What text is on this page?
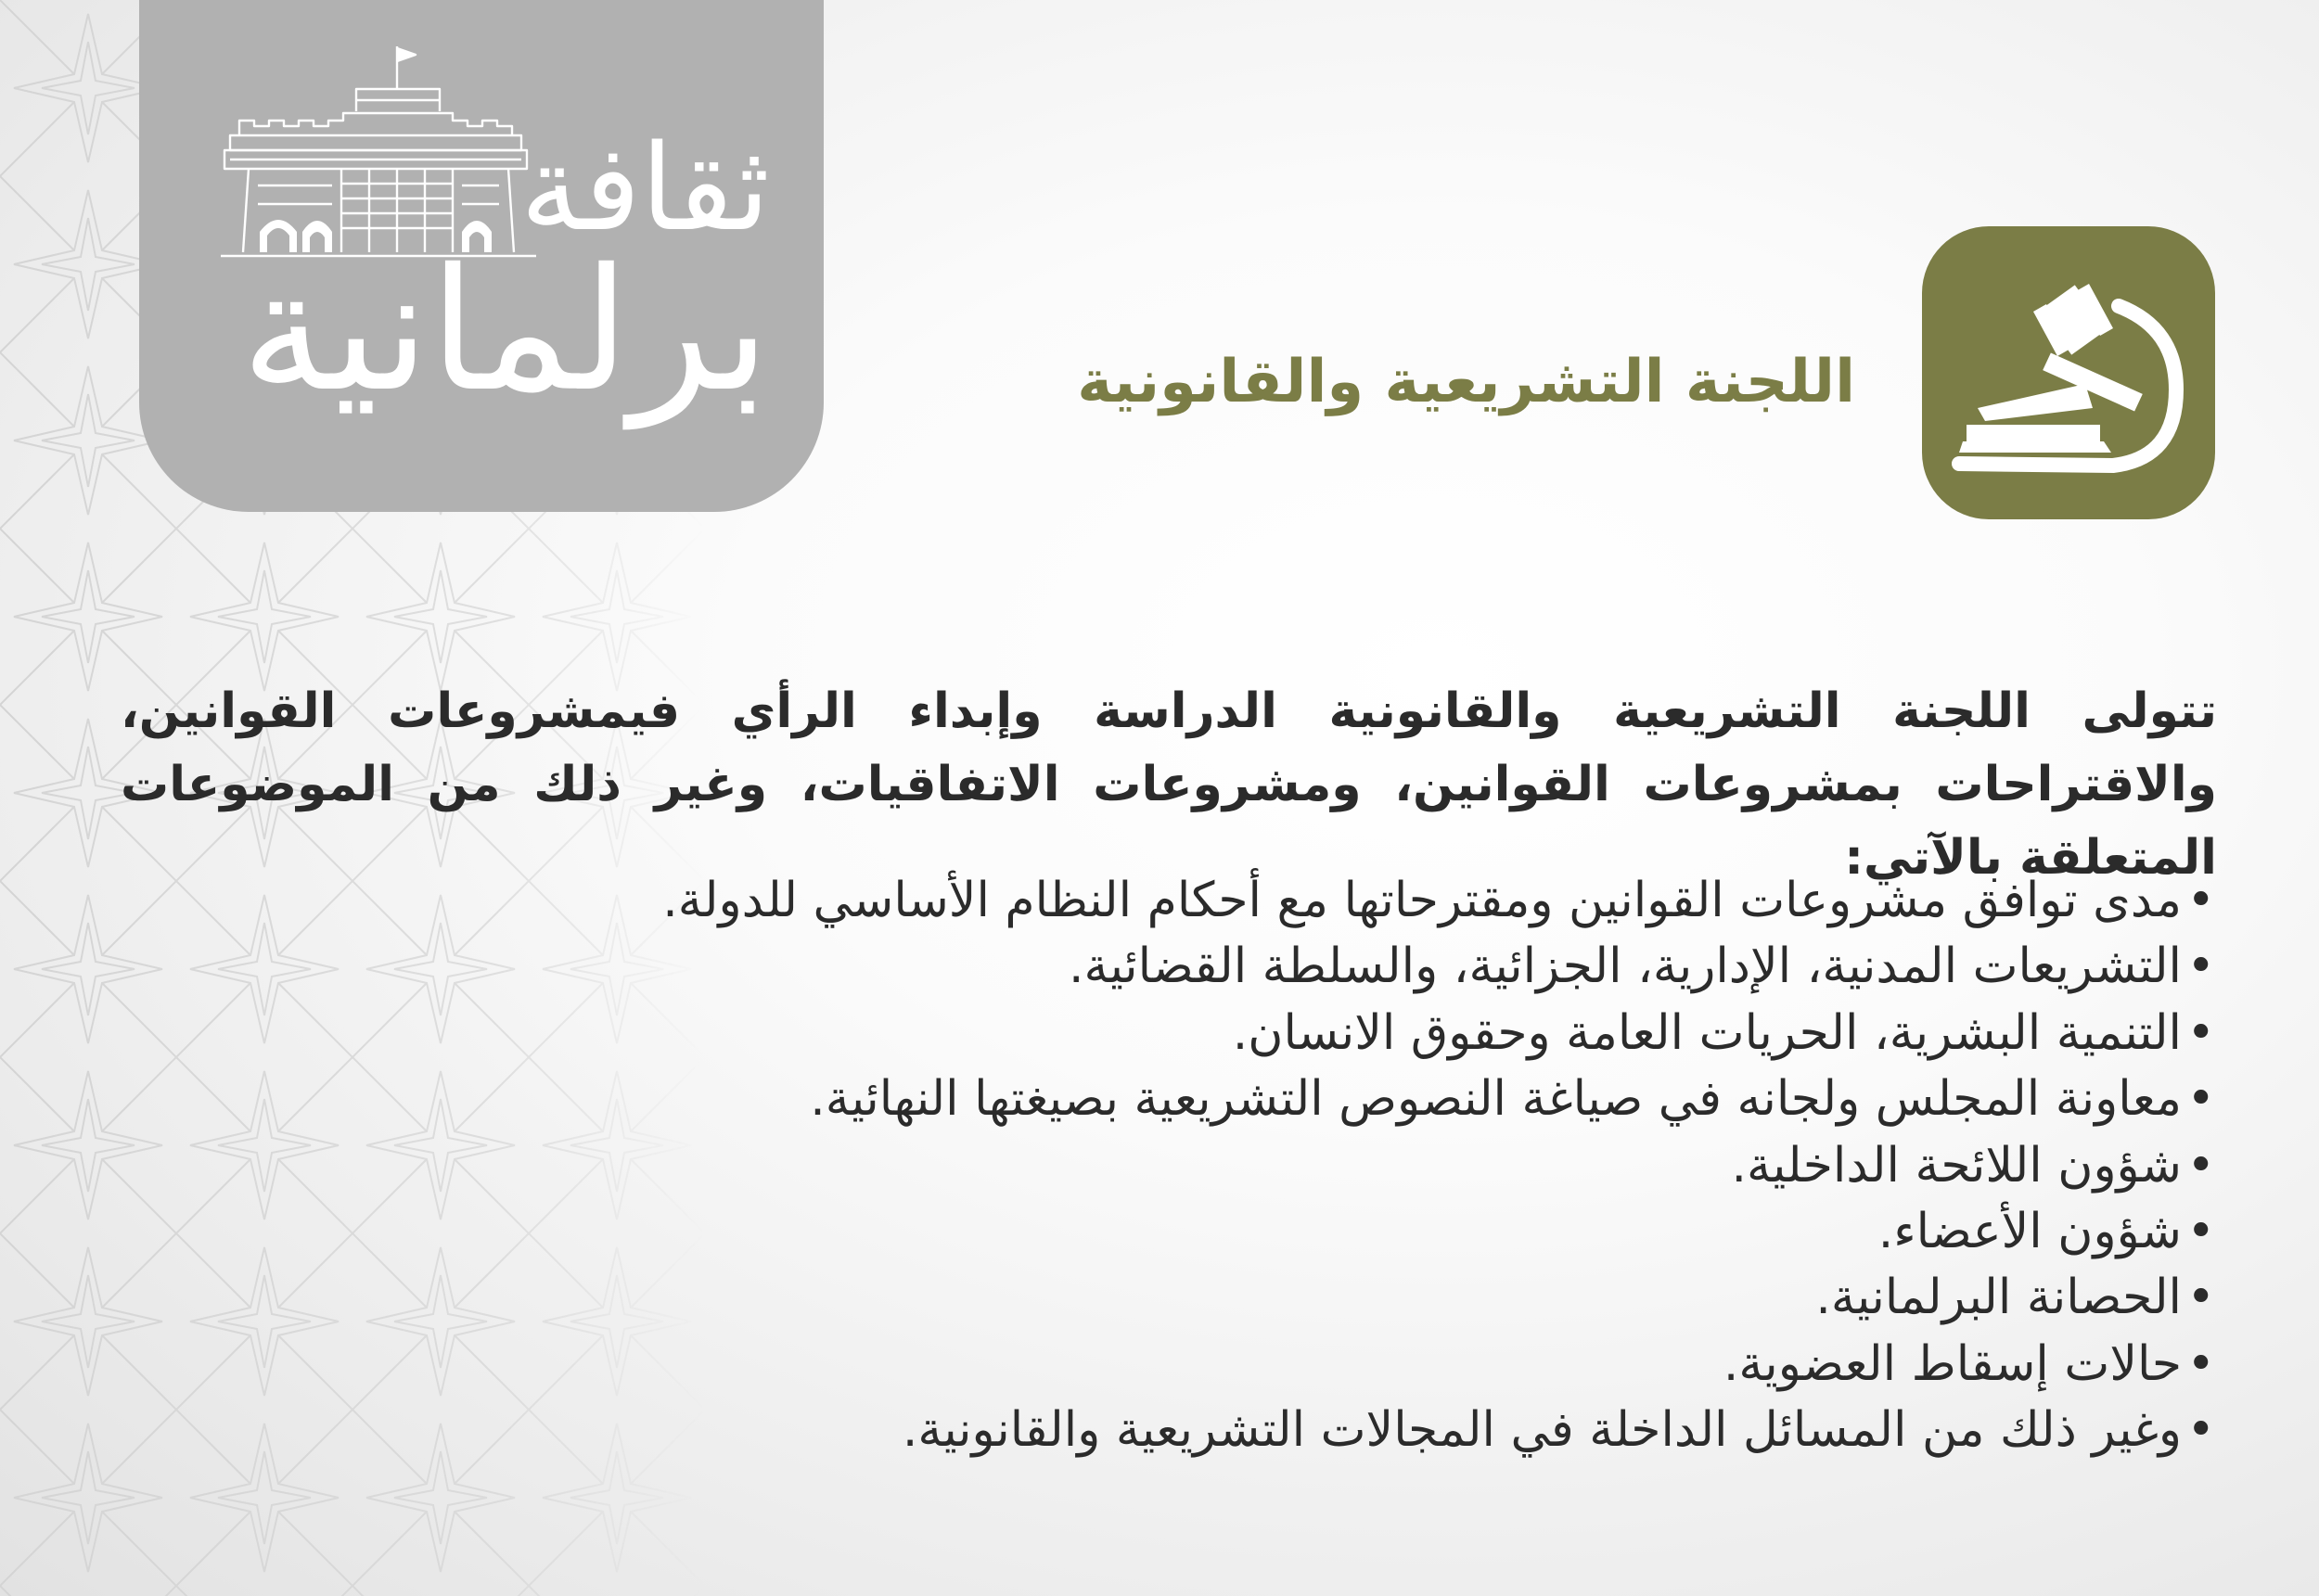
ثقافة
برلمانية	اللجنة التشريعية والقانونية

تتولى اللجنة التشريعية والقانونية الدراسة وإبداء الرأي فيمشروعات القوانين، والاقتراحات بمشروعات القوانين، ومشروعات الاتفاقيات، وغير ذلك من الموضوعات المتعلقة بالآتي:

•
مدى توافق مشروعات القوانين ومقترحاتها مع أحكام النظام الأساسي للدولة.
•
التشريعات المدنية، الإدارية، الجزائية، والسلطة القضائية.
•
التنمية البشرية، الحريات العامة وحقوق الانسان.
•
معاونة المجلس ولجانه في صياغة النصوص التشريعية بصيغتها النهائية.
•
شؤون اللائحة الداخلية.
•
شؤون الأعضاء.
•
الحصانة البرلمانية.
•
حالات إسقاط العضوية.
•
وغير ذلك من المسائل الداخلة في المجالات التشريعية والقانونية.
